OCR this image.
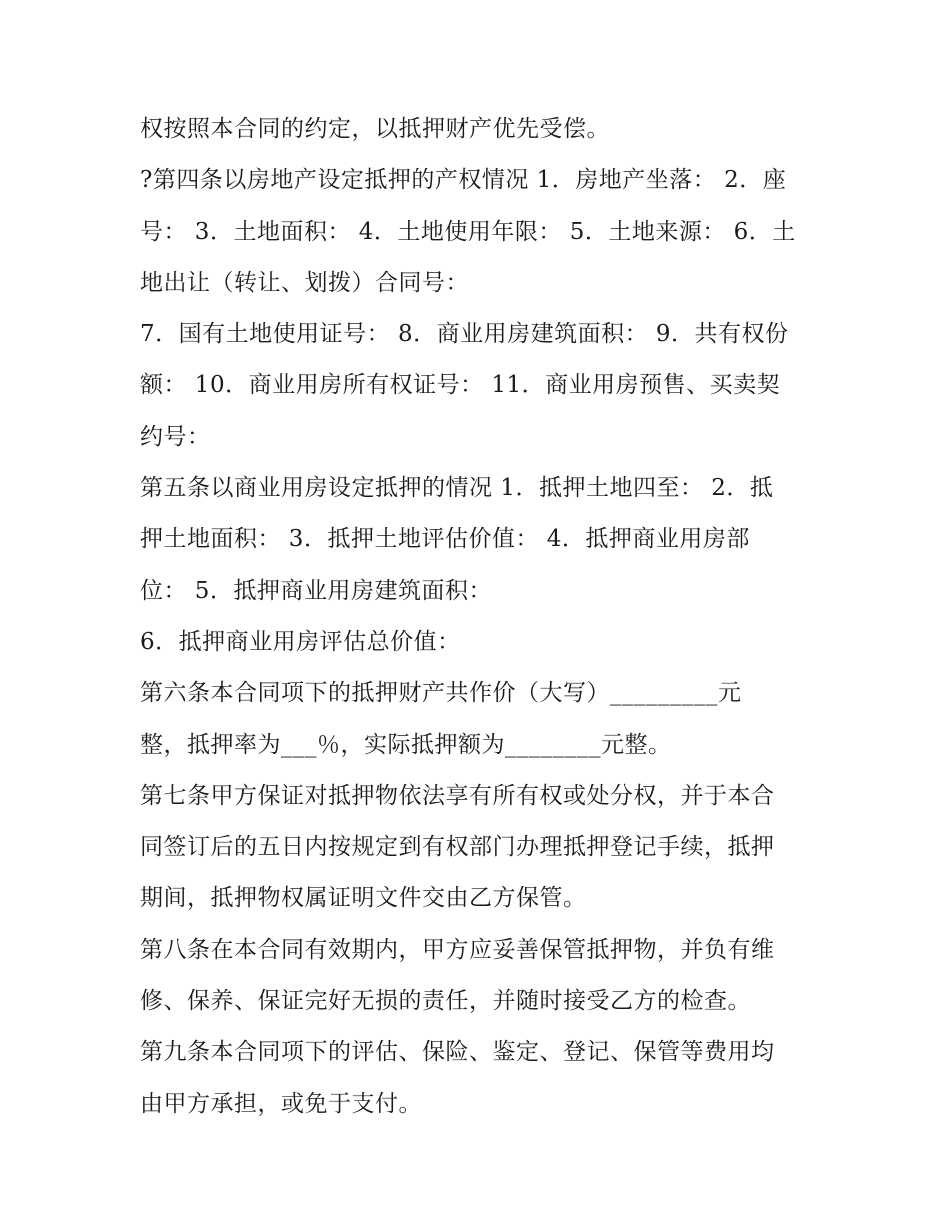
权按照本合同的约定，以抵押财产优先受偿。
?第四条以房地产设定抵押的产权情况 1．房地产坐落： 2．座
号： 3．土地面积： 4．土地使用年限： 5．土地来源： 6．土
地出让（转让、划拨）合同号：
7．国有土地使用证号： 8．商业用房建筑面积： 9．共有权份
额： 10．商业用房所有权证号： 11．商业用房预售、买卖契
约号：
第五条以商业用房设定抵押的情况 1．抵押土地四至： 2．抵
押土地面积： 3．抵押土地评估价值： 4．抵押商业用房部
位： 5．抵押商业用房建筑面积：
6．抵押商业用房评估总价值：
第六条本合同项下的抵押财产共作价（大写）_________元
整，抵押率为___％，实际抵押额为________元整。
第七条甲方保证对抵押物依法享有所有权或处分权，并于本合
同签订后的五日内按规定到有权部门办理抵押登记手续，抵押
期间，抵押物权属证明文件交由乙方保管。
第八条在本合同有效期内，甲方应妥善保管抵押物，并负有维
修、保养、保证完好无损的责任，并随时接受乙方的检查。
第九条本合同项下的评估、保险、鉴定、登记、保管等费用均
由甲方承担，或免于支付。
